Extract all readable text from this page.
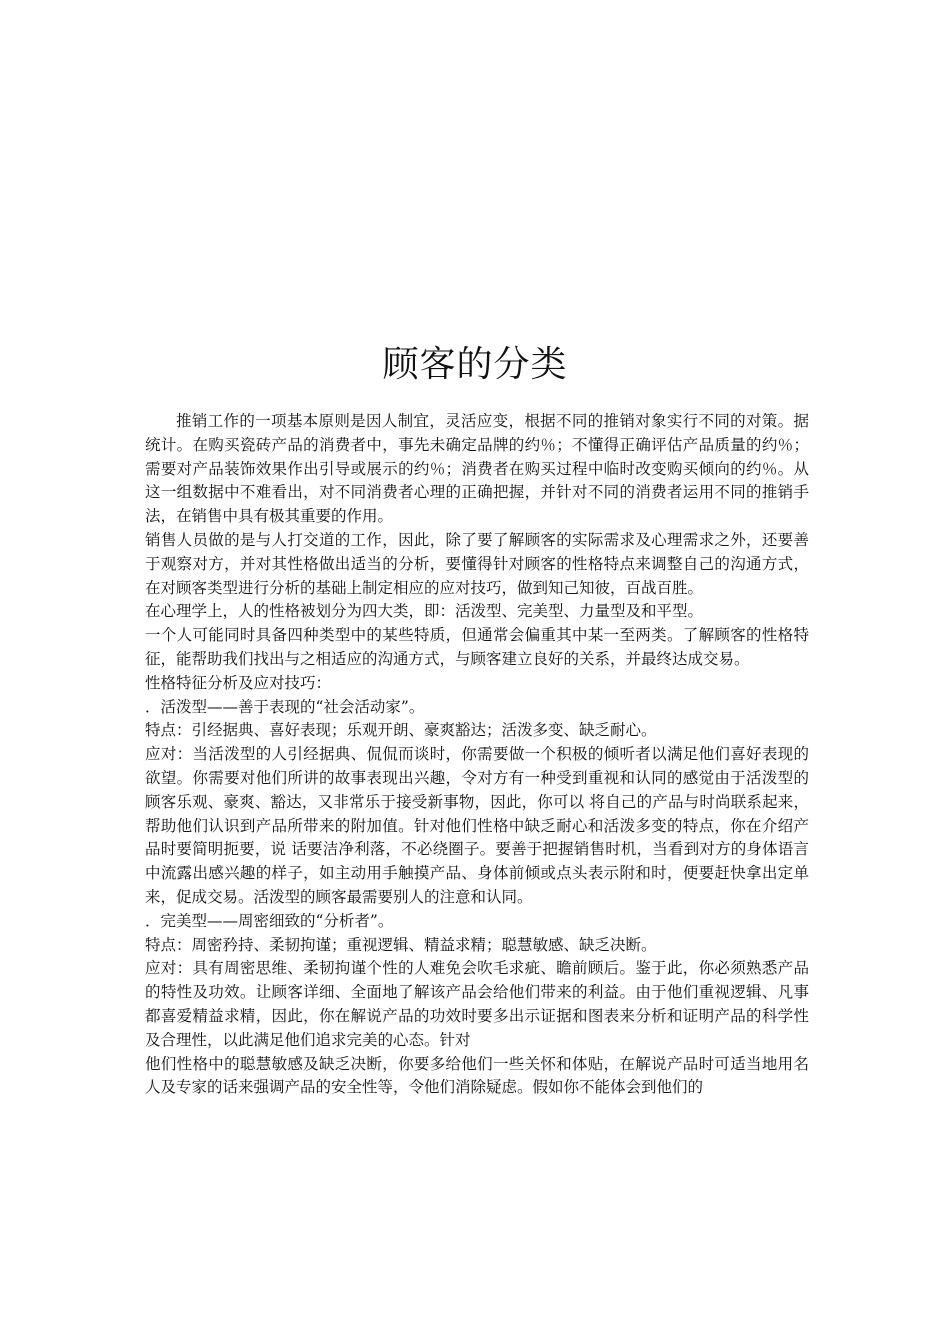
顾客的分类

推销工作的一项基本原则是因人制宜，灵活应变，根据不同的推销对象实行不同的对策。据统计。在购买瓷砖产品的消费者中，事先未确定品牌的约％；不懂得正确评估产品质量的约％；需要对产品装饰效果作出引导或展示的约％；消费者在购买过程中临时改变购买倾向的约％。从这一组数据中不难看出，对不同消费者心理的正确把握，并针对不同的消费者运用不同的推销手法，在销售中具有极其重要的作用。

销售人员做的是与人打交道的工作，因此，除了要了解顾客的实际需求及心理需求之外，还要善于观察对方，并对其性格做出适当的分析，要懂得针对顾客的性格特点来调整自己的沟通方式，在对顾客类型进行分析的基础上制定相应的应对技巧，做到知己知彼，百战百胜。

在心理学上，人的性格被划分为四大类，即：活泼型、完美型、力量型及和平型。

一个人可能同时具备四种类型中的某些特质，但通常会偏重其中某一至两类。了解顾客的性格特征，能帮助我们找出与之相适应的沟通方式，与顾客建立良好的关系，并最终达成交易。

性格特征分析及应对技巧：

．活泼型——善于表现的“社会活动家”。

特点：引经据典、喜好表现；乐观开朗、豪爽豁达；活泼多变、缺乏耐心。

应对：当活泼型的人引经据典、侃侃而谈时，你需要做一个积极的倾听者以满足他们喜好表现的欲望。你需要对他们所讲的故事表现出兴趣，令对方有一种受到重视和认同的感觉由于活泼型的顾客乐观、豪爽、豁达，又非常乐于接受新事物，因此，你可以 将自己的产品与时尚联系起来，帮助他们认识到产品所带来的附加值。针对他们性格中缺乏耐心和活泼多变的特点，你在介绍产品时要简明扼要，说 话要洁净利落，不必绕圈子。要善于把握销售时机，当看到对方的身体语言中流露出感兴趣的样子，如主动用手触摸产品、身体前倾或点头表示附和时，便要赶快拿出定单来，促成交易。活泼型的顾客最需要别人的注意和认同。

．完美型——周密细致的“分析者”。

特点：周密矜持、柔韧拘谨；重视逻辑、精益求精；聪慧敏感、缺乏决断。

应对：具有周密思维、柔韧拘谨个性的人难免会吹毛求疵、瞻前顾后。鉴于此，你必须熟悉产品的特性及功效。让顾客详细、全面地了解该产品会给他们带来的利益。由于他们重视逻辑、凡事都喜爱精益求精，因此，你在解说产品的功效时要多出示证据和图表来分析和证明产品的科学性及合理性，以此满足他们追求完美的心态。针对

他们性格中的聪慧敏感及缺乏决断，你要多给他们一些关怀和体贴，在解说产品时可适当地用名人及专家的话来强调产品的安全性等，令他们消除疑虑。假如你不能体会到他们的
